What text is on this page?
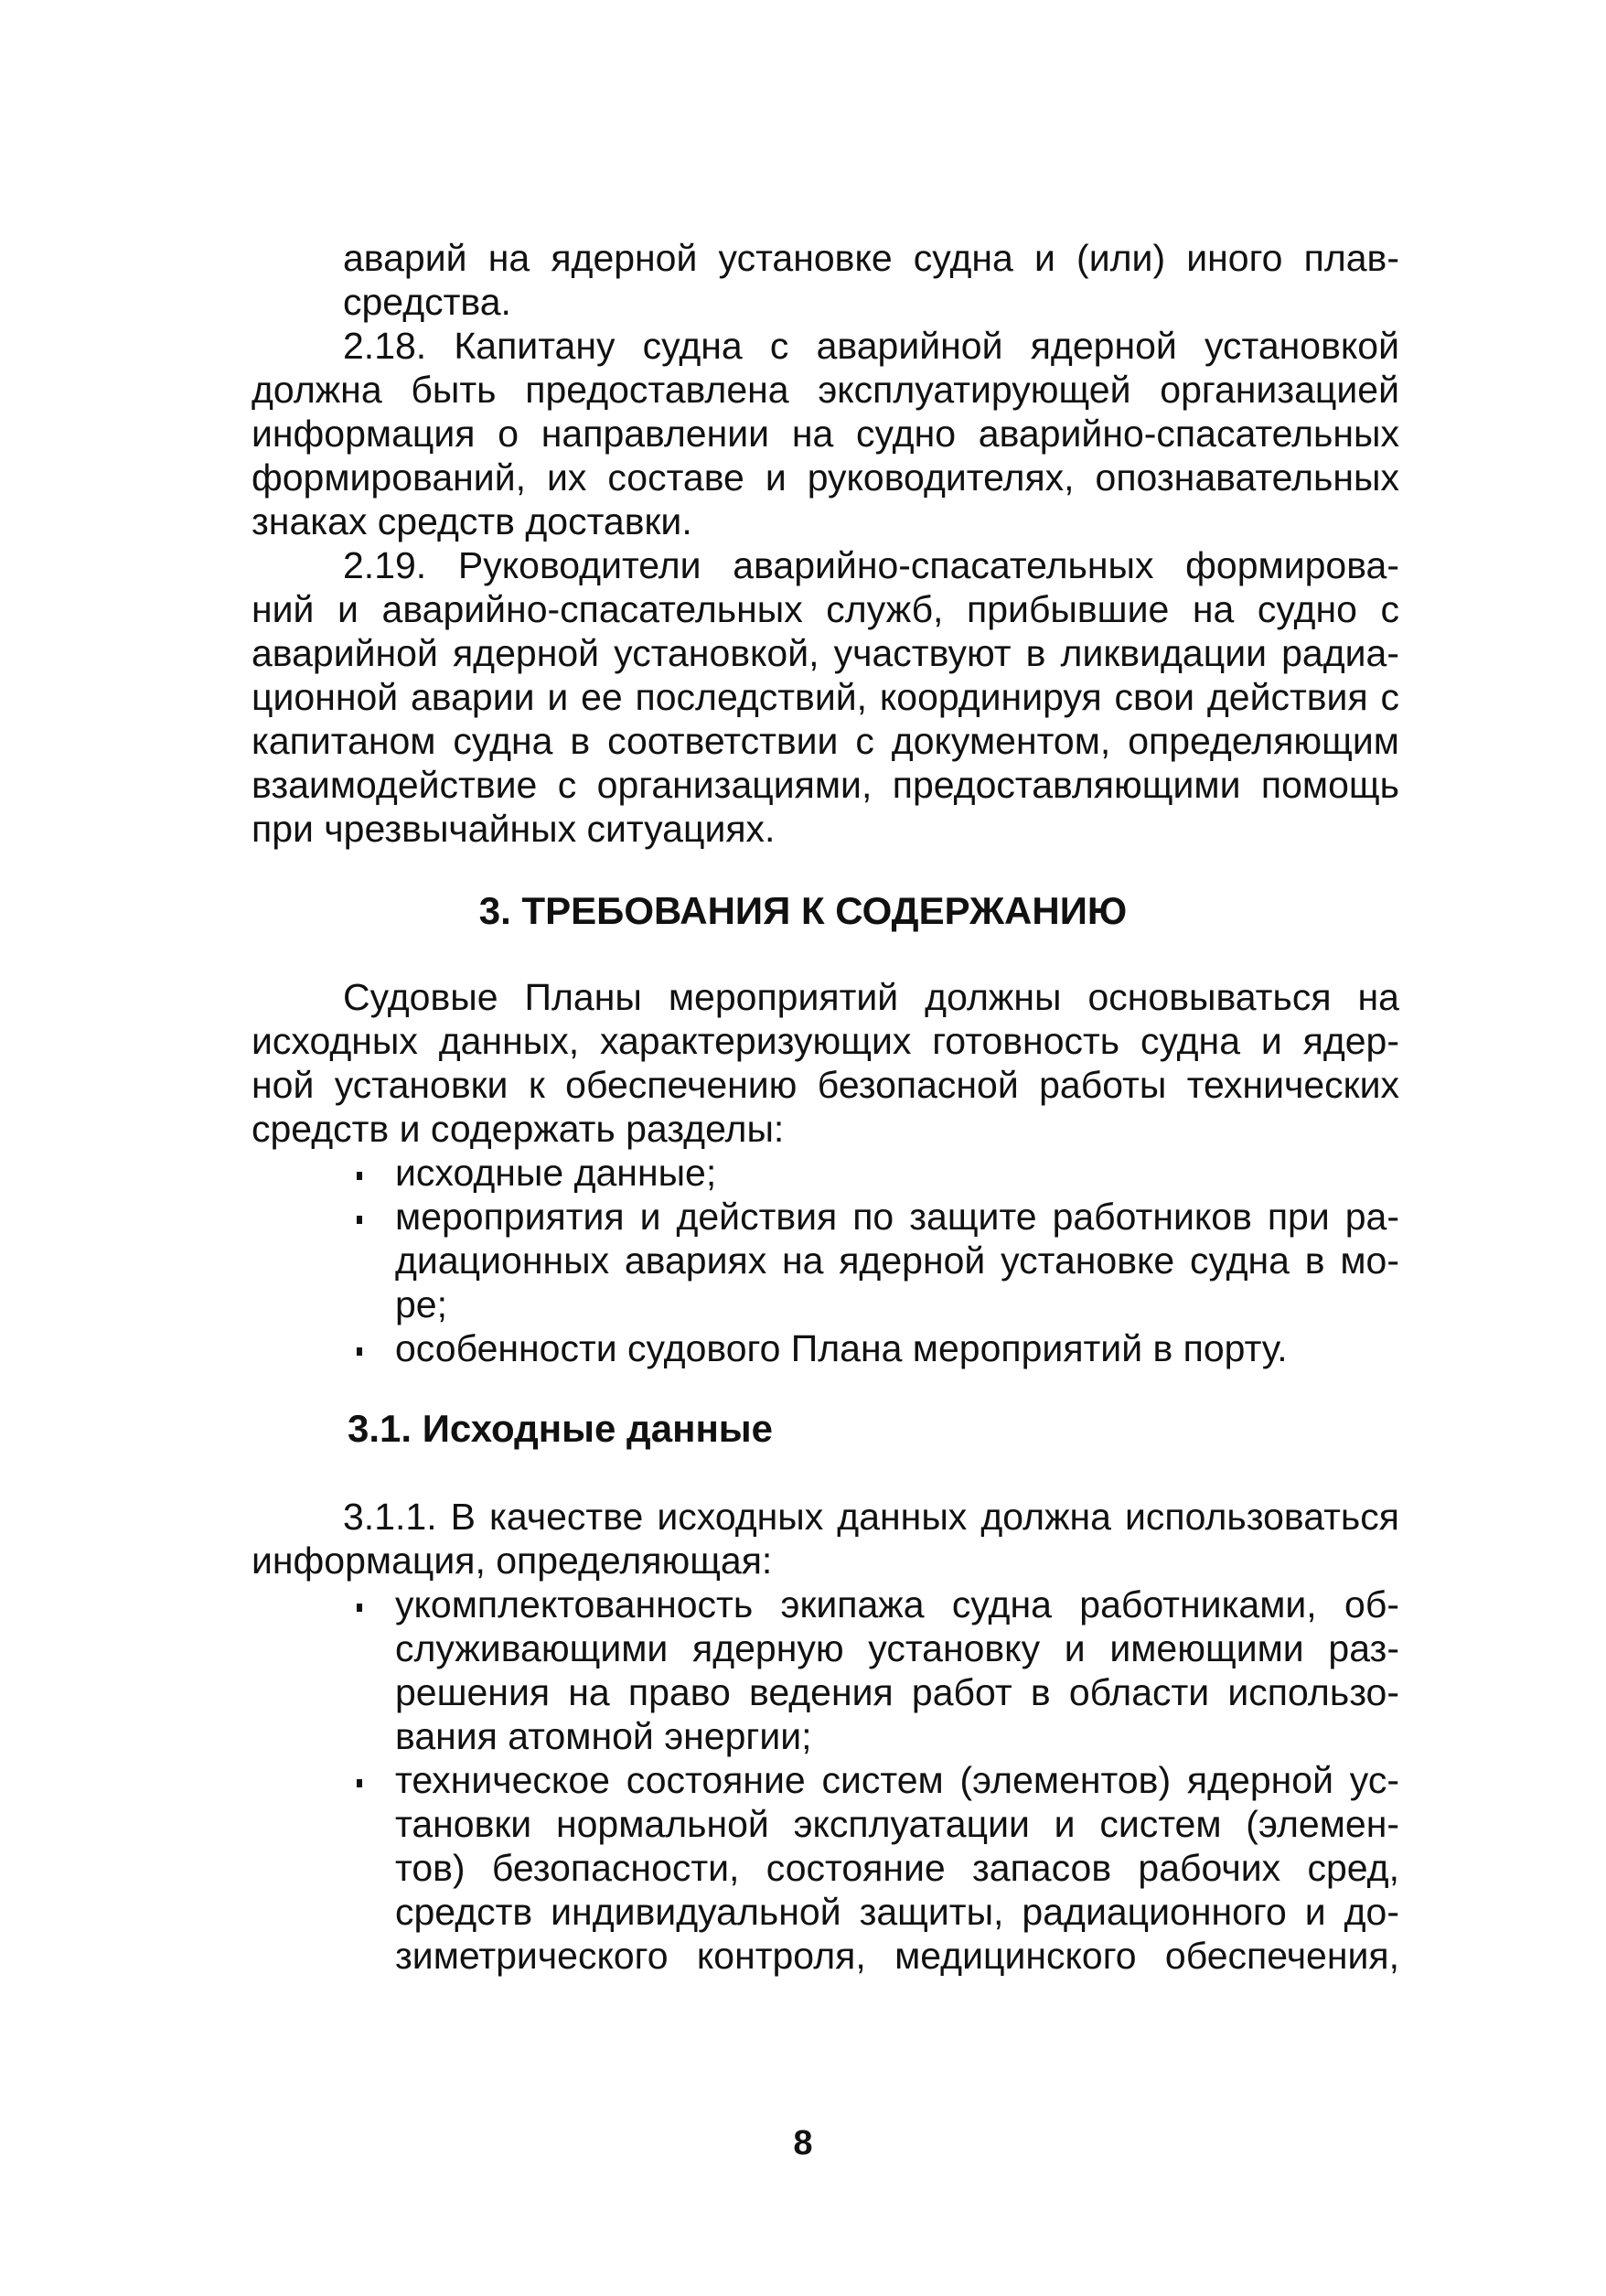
аварий на ядерной установке судна и (или) иного плав-
средства.
2.18. Капитану судна с аварийной ядерной установкой
должна быть предоставлена эксплуатирующей организацией
информация о направлении на судно аварийно-спасательных
формирований, их составе и руководителях, опознавательных
знаках средств доставки.
2.19. Руководители аварийно-спасательных формирова-
ний и аварийно-спасательных служб, прибывшие на судно с
аварийной ядерной установкой, участвуют в ликвидации радиа-
ционной аварии и ее последствий, координируя свои действия с
капитаном судна в соответствии с документом, определяющим
взаимодействие с организациями, предоставляющими помощь
при чрезвычайных ситуациях.
3. ТРЕБОВАНИЯ К СОДЕРЖАНИЮ
Судовые Планы мероприятий должны основываться на
исходных данных, характеризующих готовность судна и ядер-
ной установки к обеспечению безопасной работы технических
средств и содержать разделы:
исходные данные;
мероприятия и действия по защите работников при ра-
диационных авариях на ядерной установке судна в мо-
ре;
особенности судового Плана мероприятий в порту.
3.1. Исходные данные
3.1.1. В качестве исходных данных должна использоваться
информация, определяющая:
укомплектованность экипажа судна работниками, об-
служивающими ядерную установку и имеющими раз-
решения на право ведения работ в области использо-
вания атомной энергии;
техническое состояние систем (элементов) ядерной ус-
тановки нормальной эксплуатации и систем (элемен-
тов) безопасности, состояние запасов рабочих сред,
средств индивидуальной защиты, радиационного и до-
зиметрического контроля, медицинского обеспечения,
8
